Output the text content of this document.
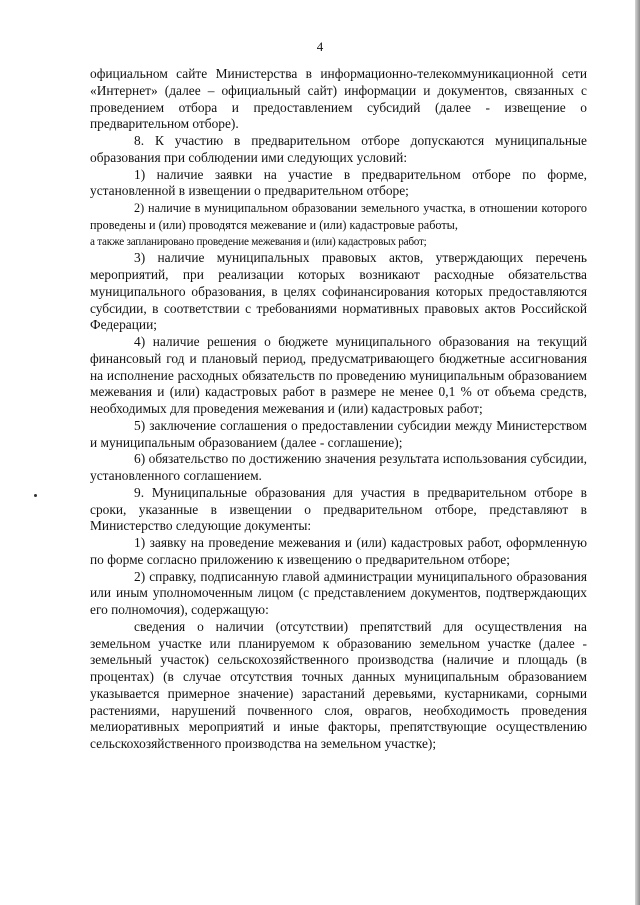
4

официальном сайте Министерства в информационно-телекоммуникационной сети «Интернет» (далее – официальный сайт) информации и документов, связанных с проведением отбора и предоставлением субсидий (далее - извещение о предварительном отборе).

8. К участию в предварительном отборе допускаются муниципальные образования при соблюдении ими следующих условий:

1) наличие заявки на участие в предварительном отборе по форме, установленной в извещении о предварительном отборе;

2) наличие в муниципальном образовании земельного участка, в отношении которого проведены и (или) проводятся межевание и (или) кадастровые работы,

а также запланировано проведение межевания и (или) кадастровых работ;

3) наличие муниципальных правовых актов, утверждающих перечень мероприятий, при реализации которых возникают расходные обязательства муниципального образования, в целях софинансирования которых предоставляются субсидии, в соответствии с требованиями нормативных правовых актов Российской Федерации;

4) наличие решения о бюджете муниципального образования на текущий финансовый год и плановый период, предусматривающего бюджетные ассигнования на исполнение расходных обязательств по проведению муниципальным образованием межевания и (или) кадастровых работ в размере не менее 0,1 % от объема средств, необходимых для проведения межевания и (или) кадастровых работ;

5) заключение соглашения о предоставлении субсидии между Министерством и муниципальным образованием (далее - соглашение);

6) обязательство по достижению значения результата использования субсидии, установленного соглашением.

9. Муниципальные образования для участия в предварительном отборе в сроки, указанные в извещении о предварительном отборе, представляют в Министерство следующие документы:

1) заявку на проведение межевания и (или) кадастровых работ, оформленную по форме согласно приложению к извещению о предварительном отборе;

2) справку, подписанную главой администрации муниципального образования или иным уполномоченным лицом (с представлением документов, подтверждающих его полномочия), содержащую:

сведения о наличии (отсутствии) препятствий для осуществления на земельном участке или планируемом к образованию земельном участке (далее - земельный участок) сельскохозяйственного производства (наличие и площадь (в процентах) (в случае отсутствия точных данных муниципальным образованием указывается примерное значение) зарастаний деревьями, кустарниками, сорными растениями, нарушений почвенного слоя, оврагов, необходимость проведения мелиоративных мероприятий и иные факторы, препятствующие осуществлению сельскохозяйственного производства на земельном участке);
